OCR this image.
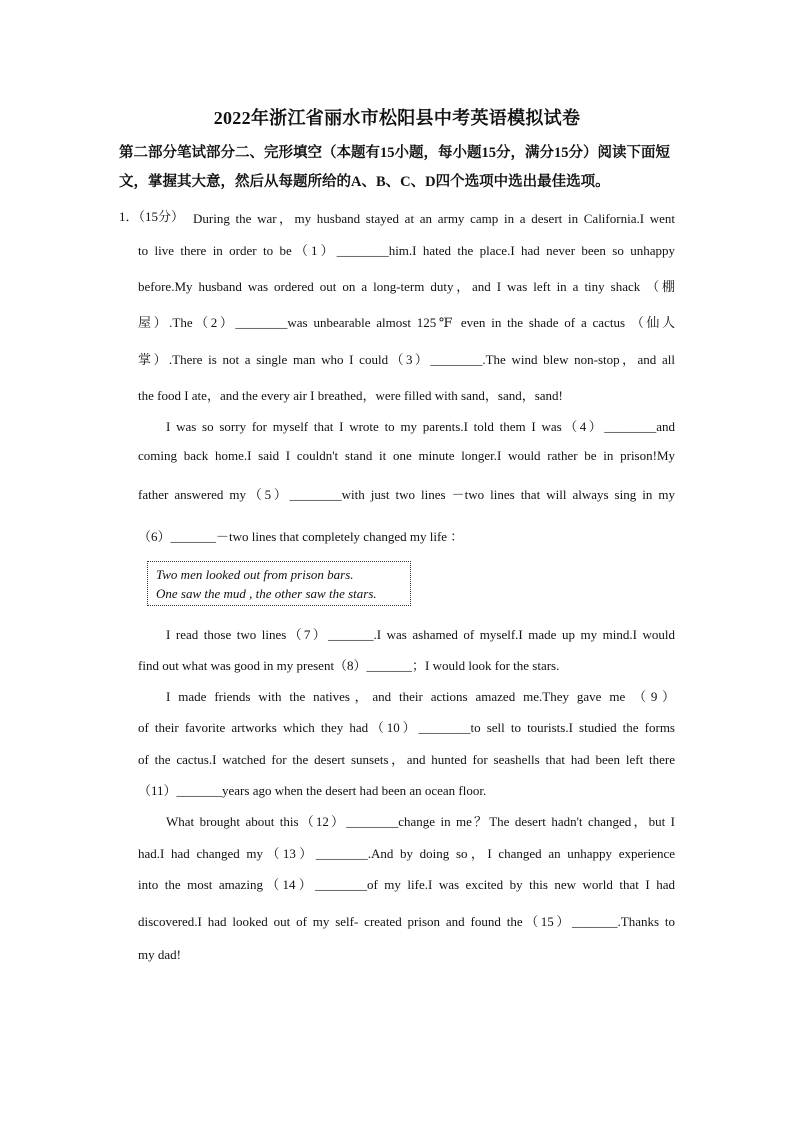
2022年浙江省丽水市松阳县中考英语模拟试卷
第二部分笔试部分二、完形填空（本题有15小题，每小题15分，满分15分）阅读下面短文，掌握其大意，然后从每题所给的A、B、C、D四个选项中选出最佳选项。
1．（15分） During the war，my husband stayed at an army camp in a desert in California.I went
to live there in order to be（1）________him.I hated the place.I had never been so unhappy
before.My husband was ordered out on a long-term duty，and I was left in a tiny shack （棚
屋）.The（2）________was unbearable almost 125℉ even in the shade of a cactus （仙人
掌）.There is not a single man who I could（3）________.The wind blew non-stop，and all
the food I ate，and the every air I breathed，were filled with sand，sand，sand!
I was so sorry for myself that I wrote to my parents.I told them I was（4）________and
coming back home.I said I couldn't stand it one minute longer.I would rather be in prison!My
father answered my（5）________with just two lines －two lines that will always sing in my
（6）_______－two lines that completely changed my life ：
Two men looked out from prison bars.
One saw the mud , the other saw the stars.
I read those two lines（7）_______.I was ashamed of myself.I made up my mind.I would
find out what was good in my present（8）_______；I would look for the stars.
I made friends with the natives，and their actions amazed me.They gave me （9）
of their favorite artworks which they had（10）________to sell to tourists.I studied the forms
of the cactus.I watched for the desert sunsets，and hunted for seashells that had been left there
（11）_______years ago when the desert had been an ocean floor.
What brought about this（12）________change in me？The desert hadn't changed，but I
had.I had changed my（13）________.And by doing so，I changed an unhappy experience
into the most amazing（14）________of my life.I was excited by this new world that I had
discovered.I had looked out of my self- created prison and found the（15）_______.Thanks to
my dad!
